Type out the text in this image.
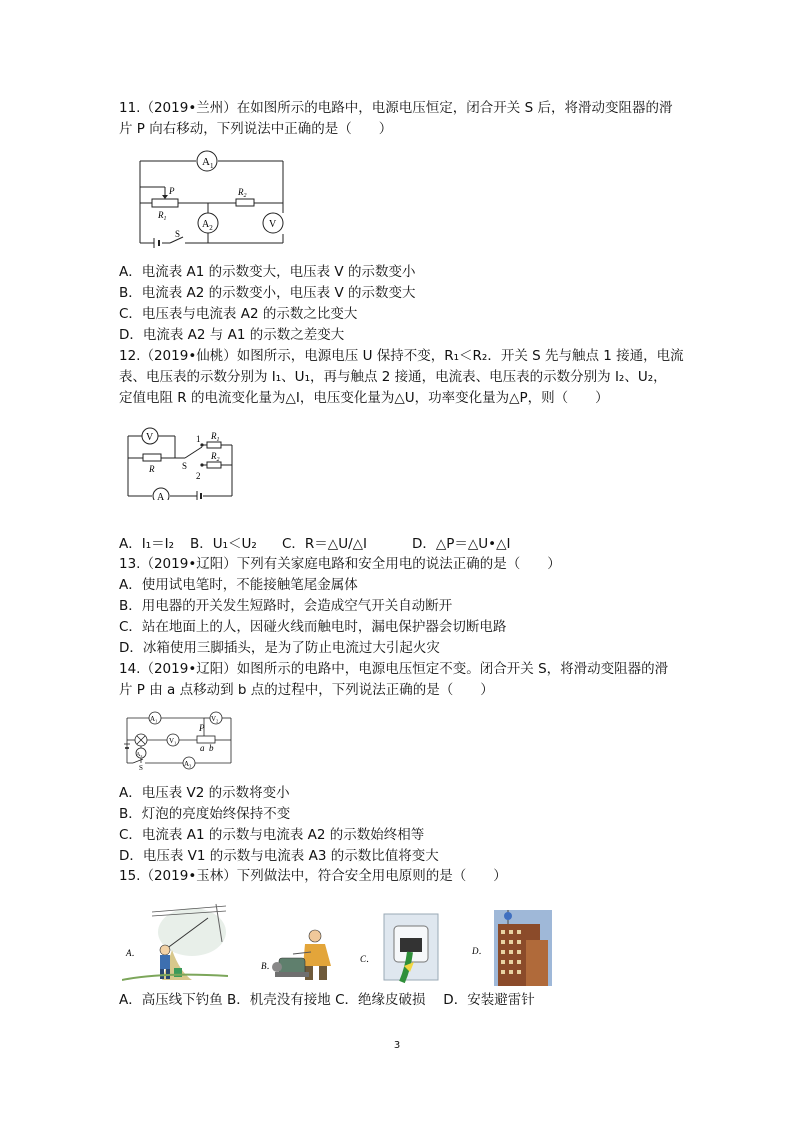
11.（2019•兰州）在如图所示的电路中，电源电压恒定，闭合开关 S 后，将滑动变阻器的滑
片 P 向右移动，下列说法中正确的是（　　）
$A_1$
P
$R_1$
$R_2$
$A_2$	V
S
A．电流表 A1 的示数变大，电压表 V 的示数变小
B．电流表 A2 的示数变小，电压表 V 的示数变大
C．电压表与电流表 A2 的示数之比变大
D．电流表 A2 与 A1 的示数之差变大
12.（2019•仙桃）如图所示，电源电压 U 保持不变，R₁＜R₂．开关 S 先与触点 1 接通，电流
表、电压表的示数分别为 I₁、U₁，再与触点 2 接通，电流表、电压表的示数分别为 I₂、U₂，
定值电阻 R 的电流变化量为△I，电压变化量为△U，功率变化量为△P，则（　　）
V
R	S
1
2
$R_1$
$R_2$
A
A．I₁＝I₂ B．U₁＜U₂ C．R＝△U/△I	D．△P＝△U•△I
13.（2019•辽阳）下列有关家庭电路和安全用电的说法正确的是（　　）
A．使用试电笔时，不能接触笔尾金属体
B．用电器的开关发生短路时，会造成空气开关自动断开
C．站在地面上的人，因碰火线而触电时，漏电保护器会切断电路
D．冰箱使用三脚插头，是为了防止电流过大引起火灾
14.（2019•辽阳）如图所示的电路中，电源电压恒定不变。闭合开关 S，将滑动变阻器的滑
片 P 由 a 点移动到 b 点的过程中，下列说法正确的是（　　）
A₁	V₂
P
V₁
A₂
a b
A₃
S
A．电压表 V2 的示数将变小
B．灯泡的亮度始终保持不变
C．电流表 A1 的示数与电流表 A2 的示数始终相等
D．电压表 V1 的示数与电流表 A3 的示数比值将变大
15.（2019•玉林）下列做法中，符合安全用电原则的是（　　）
A．
B．
C．
D．
A．高压线下钓鱼 B．机壳没有接地 C．绝缘皮破损　 D．安装避雷针
3
